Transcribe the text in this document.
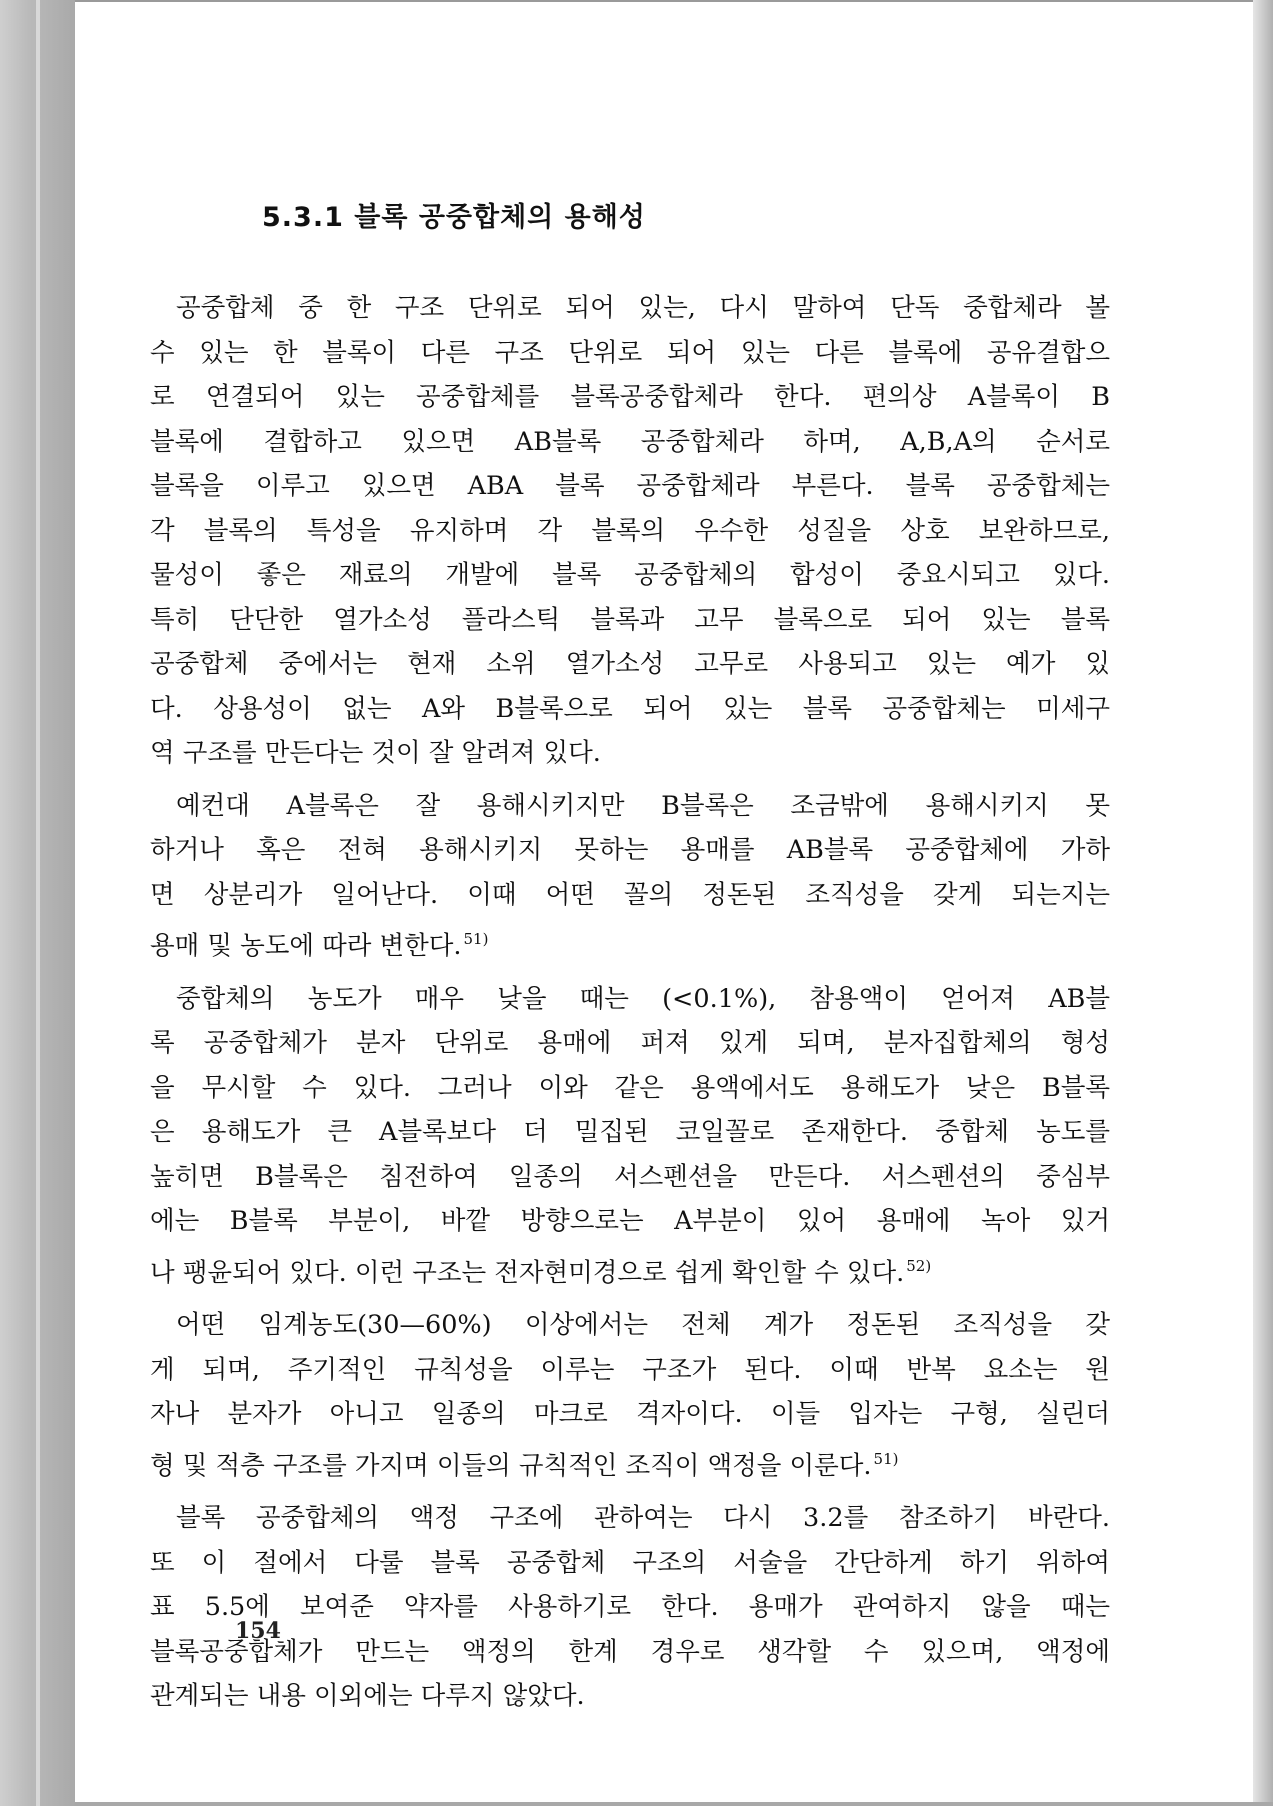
5.3.1 블록 공중합체의 용해성
공중합체 중 한 구조 단위로 되어 있는, 다시 말하여 단독 중합체라 볼
수 있는 한 블록이 다른 구조 단위로 되어 있는 다른 블록에 공유결합으
로 연결되어 있는 공중합체를 블록공중합체라 한다. 편의상 A블록이 B
블록에 결합하고 있으면 AB블록 공중합체라 하며, A,B,A의 순서로
블록을 이루고 있으면 ABA 블록 공중합체라 부른다. 블록 공중합체는
각 블록의 특성을 유지하며 각 블록의 우수한 성질을 상호 보완하므로,
물성이 좋은 재료의 개발에 블록 공중합체의 합성이 중요시되고 있다.
특히 단단한 열가소성 플라스틱 블록과 고무 블록으로 되어 있는 블록
공중합체 중에서는 현재 소위 열가소성 고무로 사용되고 있는 예가 있
다. 상용성이 없는 A와 B블록으로 되어 있는 블록 공중합체는 미세구
역 구조를 만든다는 것이 잘 알려져 있다.
예컨대 A블록은 잘 용해시키지만 B블록은 조금밖에 용해시키지 못
하거나 혹은 전혀 용해시키지 못하는 용매를 AB블록 공중합체에 가하
면 상분리가 일어난다. 이때 어떤 꼴의 정돈된 조직성을 갖게 되는지는
용매 및 농도에 따라 변한다. $^{51)}$
중합체의 농도가 매우 낮을 때는 (<0.1%), 참용액이 얻어져 AB블
록 공중합체가 분자 단위로 용매에 퍼져 있게 되며, 분자집합체의 형성
을 무시할 수 있다. 그러나 이와 같은 용액에서도 용해도가 낮은 B블록
은 용해도가 큰 A블록보다 더 밀집된 코일꼴로 존재한다. 중합체 농도를
높히면 B블록은 침전하여 일종의 서스펜션을 만든다. 서스펜션의 중심부
에는 B블록 부분이, 바깥 방향으로는 A부분이 있어 용매에 녹아 있거
나 팽윤되어 있다. 이런 구조는 전자현미경으로 쉽게 확인할 수 있다. $^{52)}$
어떤 임계농도(30—60%) 이상에서는 전체 계가 정돈된 조직성을 갖
게 되며, 주기적인 규칙성을 이루는 구조가 된다. 이때 반복 요소는 원
자나 분자가 아니고 일종의 마크로 격자이다. 이들 입자는 구형, 실린더
형 및 적층 구조를 가지며 이들의 규칙적인 조직이 액정을 이룬다. $^{51)}$
블록 공중합체의 액정 구조에 관하여는 다시 3.2를 참조하기 바란다.
또 이 절에서 다룰 블록 공중합체 구조의 서술을 간단하게 하기 위하여
표 5.5에 보여준 약자를 사용하기로 한다. 용매가 관여하지 않을 때는
블록공중합체가 만드는 액정의 한계 경우로 생각할 수 있으며, 액정에
관계되는 내용 이외에는 다루지 않았다.
154
